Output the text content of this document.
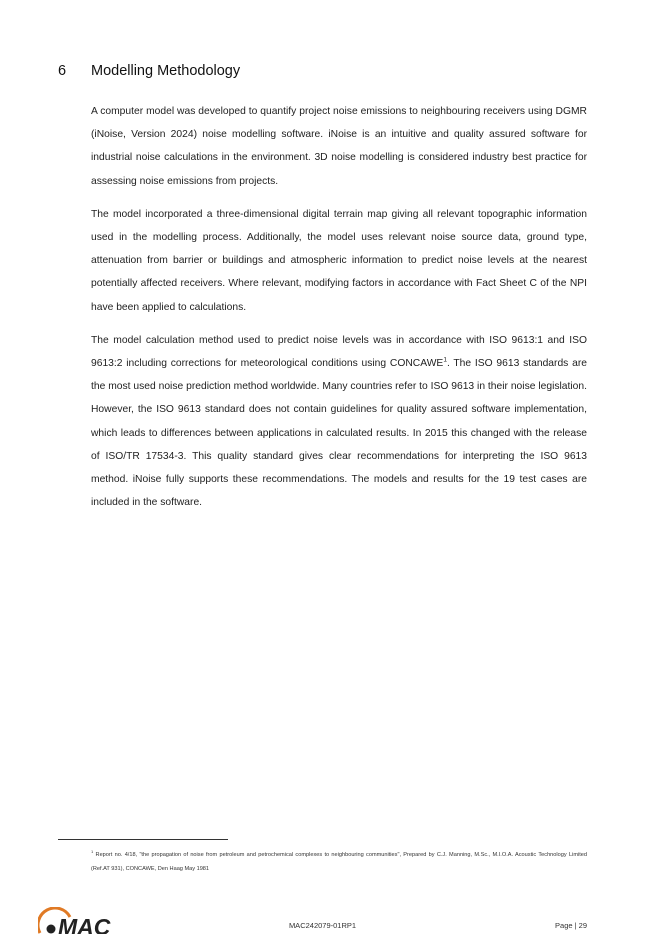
6 Modelling Methodology

A computer model was developed to quantify project noise emissions to neighbouring receivers using DGMR (iNoise, Version 2024) noise modelling software. iNoise is an intuitive and quality assured software for industrial noise calculations in the environment. 3D noise modelling is considered industry best practice for assessing noise emissions from projects.

The model incorporated a three-dimensional digital terrain map giving all relevant topographic information used in the modelling process. Additionally, the model uses relevant noise source data, ground type, attenuation from barrier or buildings and atmospheric information to predict noise levels at the nearest potentially affected receivers. Where relevant, modifying factors in accordance with Fact Sheet C of the NPI have been applied to calculations.

The model calculation method used to predict noise levels was in accordance with ISO 9613:1 and ISO 9613:2 including corrections for meteorological conditions using CONCAWE$^1$. The ISO 9613 standards are the most used noise prediction method worldwide. Many countries refer to ISO 9613 in their noise legislation. However, the ISO 9613 standard does not contain guidelines for quality assured software implementation, which leads to differences between applications in calculated results. In 2015 this changed with the release of ISO/TR 17534-3. This quality standard gives clear recommendations for interpreting the ISO 9613 method. iNoise fully supports these recommendations. The models and results for the 19 test cases are included in the software.

$^1$ Report no. 4/18, "the propagation of noise from petroleum and petrochemical complexes to neighbouring communities", Prepared by C.J. Manning, M.Sc., M.I.O.A. Acoustic Technology Limited (Ref.AT 931), CONCAWE, Den Haag May 1981
MAC	MAC242079-01RP1	Page | 29
